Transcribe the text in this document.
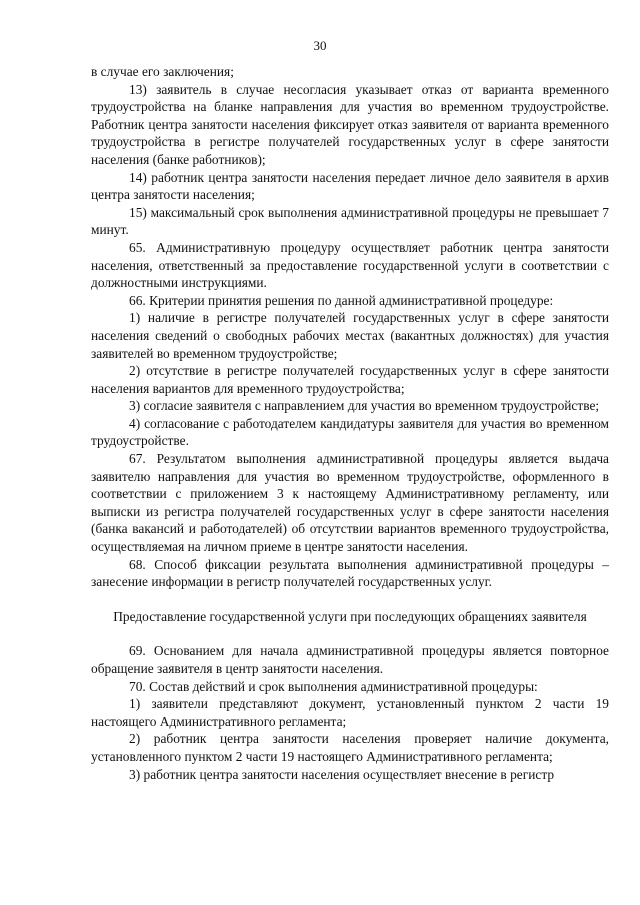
30

в случае его заключения;

13) заявитель в случае несогласия указывает отказ от варианта временного трудоустройства на бланке направления для участия во временном трудоустройстве. Работник центра занятости населения фиксирует отказ заявителя от варианта временного трудоустройства в регистре получателей государственных услуг в сфере занятости населения (банке работников);

14) работник центра занятости населения передает личное дело заявителя в архив центра занятости населения;

15) максимальный срок выполнения административной процедуры не превышает 7 минут.

65. Административную процедуру осуществляет работник центра занятости населения, ответственный за предоставление государственной услуги в соответствии с должностными инструкциями.

66. Критерии принятия решения по данной административной процедуре:

1) наличие в регистре получателей государственных услуг в сфере занятости населения сведений о свободных рабочих местах (вакантных должностях) для участия заявителей во временном трудоустройстве;

2) отсутствие в регистре получателей государственных услуг в сфере занятости населения вариантов для временного трудоустройства;

3) согласие заявителя с направлением для участия во временном трудоустройстве;

4) согласование с работодателем кандидатуры заявителя для участия во временном трудоустройстве.

67. Результатом выполнения административной процедуры является выдача заявителю направления для участия во временном трудоустройстве, оформленного в соответствии с приложением 3 к настоящему Административному регламенту, или выписки из регистра получателей государственных услуг в сфере занятости населения (банка вакансий и работодателей) об отсутствии вариантов временного трудоустройства, осуществляемая на личном приеме в центре занятости населения.

68. Способ фиксации результата выполнения административной процедуры – занесение информации в регистр получателей государственных услуг.

Предоставление государственной услуги при последующих обращениях заявителя

69. Основанием для начала административной процедуры является повторное обращение заявителя в центр занятости населения.

70. Состав действий и срок выполнения административной процедуры:

1) заявители представляют документ, установленный пунктом 2 части 19 настоящего Административного регламента;

2) работник центра занятости населения проверяет наличие документа, установленного пунктом 2 части 19 настоящего Административного регламента;

3) работник центра занятости населения осуществляет внесение в регистр
